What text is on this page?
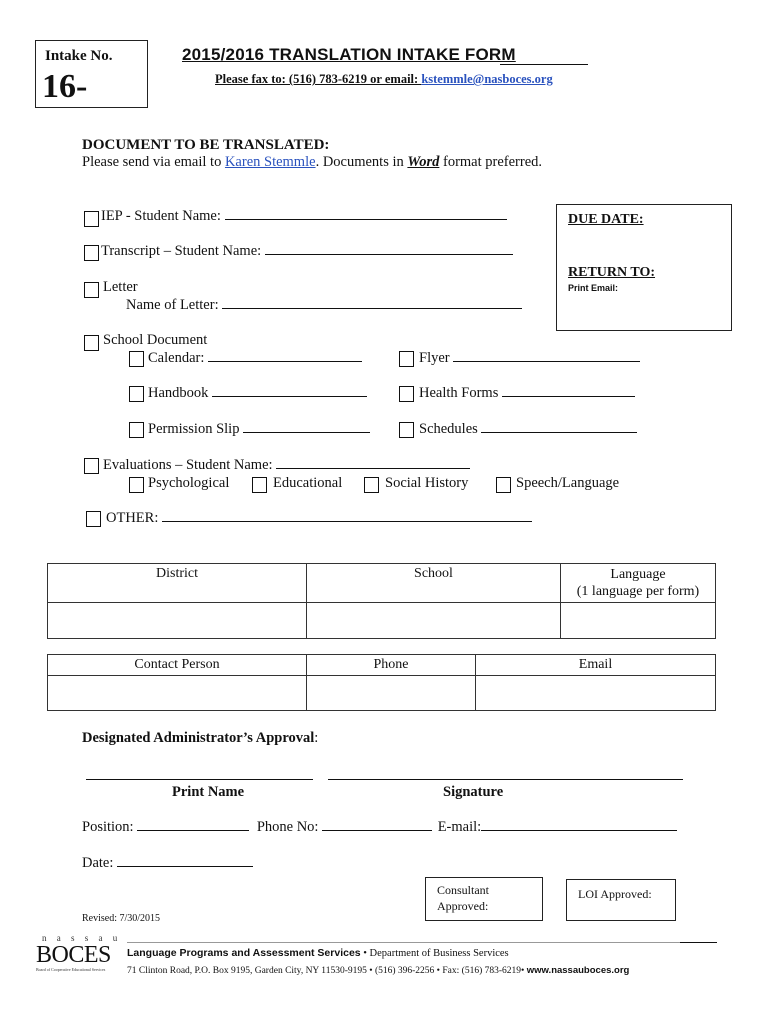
Intake No.
16-
2015/2016 TRANSLATION INTAKE FORM
Please fax to: (516) 783-6219 or email: kstemmle@nasboces.org
DOCUMENT TO BE TRANSLATED:
Please send via email to Karen Stemmle. Documents in Word format preferred.
DUE DATE:
RETURN TO:
Print Email:
IEP - Student Name:
Transcript – Student Name:
Letter
Name of Letter:
School Document
Calendar:	Flyer
Handbook	Health Forms
Permission Slip	Schedules
Evaluations – Student Name:
Psychological	Educational	Social History	Speech/Language
OTHER:
District	School	Language
(1 language per form)

Contact Person	Phone	Email

Designated Administrator’s Approval:
Print Name	Signature
Position:	Phone No:	E-mail:
Date:
Consultant
Approved:
LOI Approved:
Revised: 7/30/2015
n a s s a u
BOCES
Board of Cooperative Educational Services
Language Programs and Assessment Services • Department of Business Services
71 Clinton Road, P.O. Box 9195, Garden City, NY 11530-9195 • (516) 396-2256 • Fax: (516) 783-6219• www.nassauboces.org
